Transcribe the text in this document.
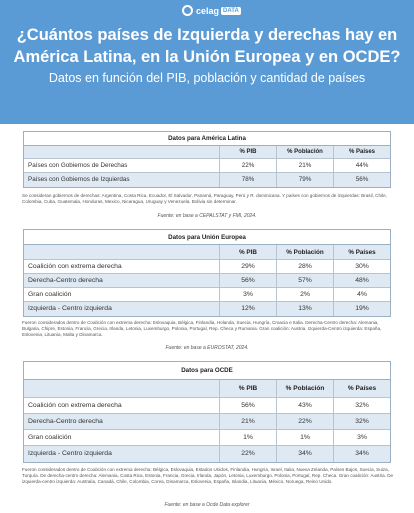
celag DATA
¿Cuántos países de Izquierda y derechas hay en América Latina, en la Unión Europea y en OCDE?
Datos en función del PIB, población y cantidad de países
Datos para América Latina
% PIB	% Población	% Países
Países con Gobiernos de Derechas	22%	21%	44%
Países con Gobiernos de Izquierdas	78%	79%	56%
Se consideran gobiernos de derechas: Argentina, Costa Rica, Ecuador, El Salvador, Panamá, Paraguay, Perú y R. dominicana. Y países con gobiernos de izquierdas: Brasil, Chile, Colombia, Cuba, Guatemala, Honduras, Mexico, Nicaragua, Uruguay y Venezuela. Bolivia sin determinar.
Fuente: en base a CEPALSTAT y FMI, 2024.
Datos para Unión Europea
% PIB	% Población	% Países
Coalición con extrema derecha	29%	28%	30%
Derecha-Centro derecha	56%	57%	48%
Gran coalición	3%	2%	4%
Izquierda - Centro izquierda	12%	13%	19%
Fueron considerados dentro de Coalición con extrema derecha: Eslovaquia, Bélgica, Finlandia, Holanda, Suecia, Hungría, Croacia e Italia. Derecha-Centro derecha: Alemania, Bulgaria, Chipre, Estonia, Francia, Grecia, Irlanda, Letonia, Luxemburgo, Polonia, Portugal, Rep. Checa y Rumania. Gran coalición: Austria. Izquierda-Centro izquierda: España, Eslovenia, Lituania, Malta y Dinamarca.
Fuente: en base a EUROSTAT, 2024.
Datos para OCDE
% PIB	% Población	% Países
Coalición con extrema derecha	56%	43%	32%
Derecha-Centro derecha	21%	22%	32%
Gran coalición	1%	1%	3%
Izquierda - Centro izquierda	22%	34%	34%
Fueron considerados dentro de Coalición con extrema derecha: Bélgica, Eslovaquia, Estados Unidos, Finlandia, Hungría, Israel, Italia, Nueva Zelanda, Países Bajos, Suecia, Suiza, Turquía. De derecha-centro derecha: Alemania, Costa Rica, Estonia, Francia, Grecia, Irlanda, Japón, Letonia, Luxemburgo, Polonia, Portugal, Rep. Checa. Gran coalición: Austria. De izquierda-centro izquierda: Australia, Canadá, Chile, Colombia, Corea, Dinamarca, Eslovenia, España, Islandia, Lituania, México, Noruega, Reino Unido.
Fuente: en base a Ocde Data explorer
